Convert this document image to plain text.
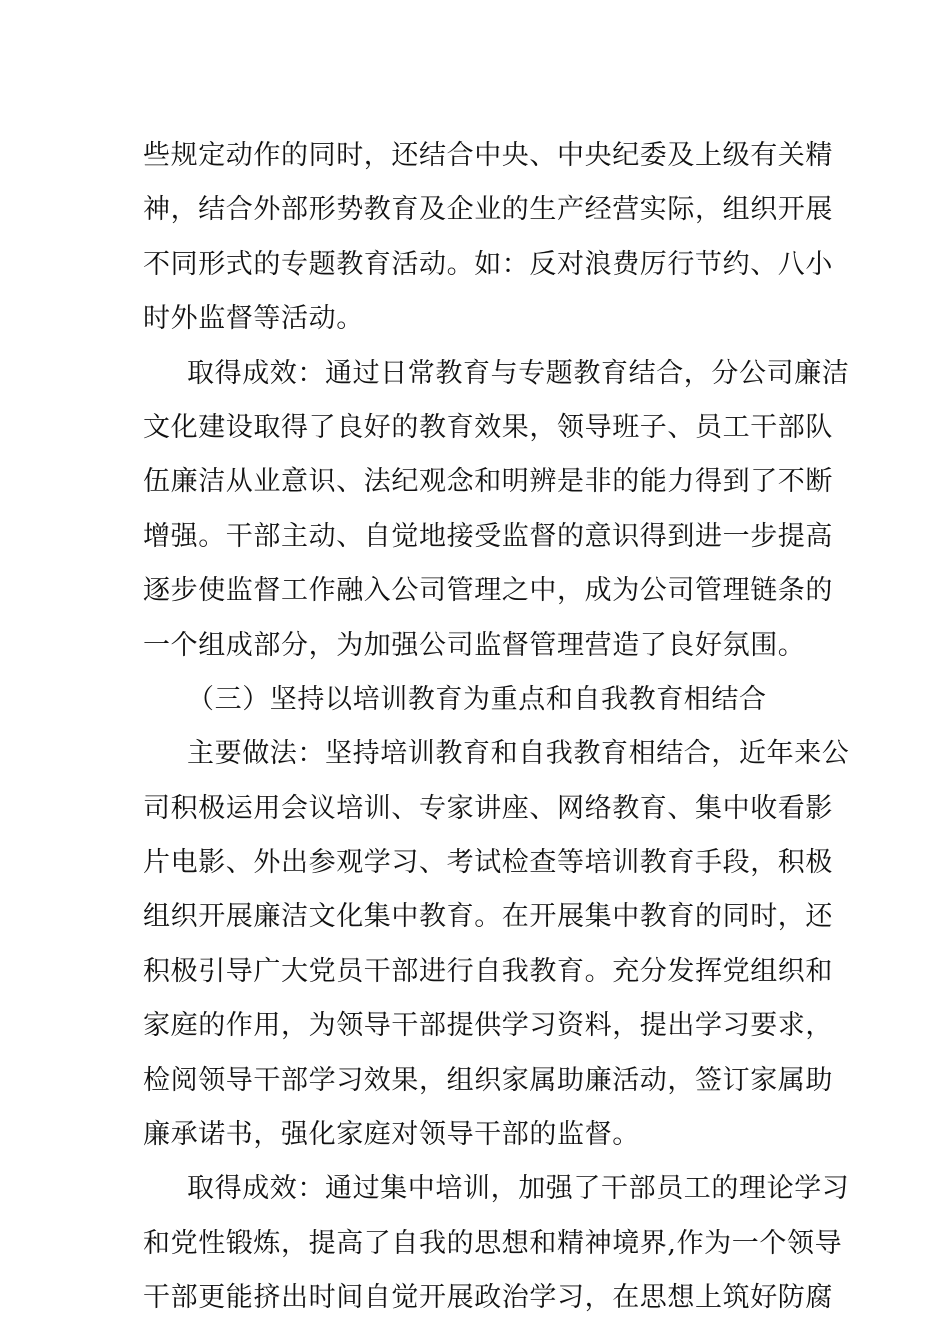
些规定动作的同时，还结合中央、中央纪委及上级有关精
神，结合外部形势教育及企业的生产经营实际，组织开展
不同形式的专题教育活动。如：反对浪费厉行节约、八小
时外监督等活动。
取得成效：通过日常教育与专题教育结合，分公司廉洁
文化建设取得了良好的教育效果，领导班子、员工干部队
伍廉洁从业意识、法纪观念和明辨是非的能力得到了不断
增强。干部主动、自觉地接受监督的意识得到进一步提高
逐步使监督工作融入公司管理之中，成为公司管理链条的
一个组成部分，为加强公司监督管理营造了良好氛围。
（三）坚持以培训教育为重点和自我教育相结合
主要做法：坚持培训教育和自我教育相结合，近年来公
司积极运用会议培训、专家讲座、网络教育、集中收看影
片电影、外出参观学习、考试检查等培训教育手段，积极
组织开展廉洁文化集中教育。在开展集中教育的同时，还
积极引导广大党员干部进行自我教育。充分发挥党组织和
家庭的作用，为领导干部提供学习资料，提出学习要求，
检阅领导干部学习效果，组织家属助廉活动，签订家属助
廉承诺书，强化家庭对领导干部的监督。
取得成效：通过集中培训，加强了干部员工的理论学习
和党性锻炼，提高了自我的思想和精神境界,作为一个领导
干部更能挤出时间自觉开展政治学习，在思想上筑好防腐
